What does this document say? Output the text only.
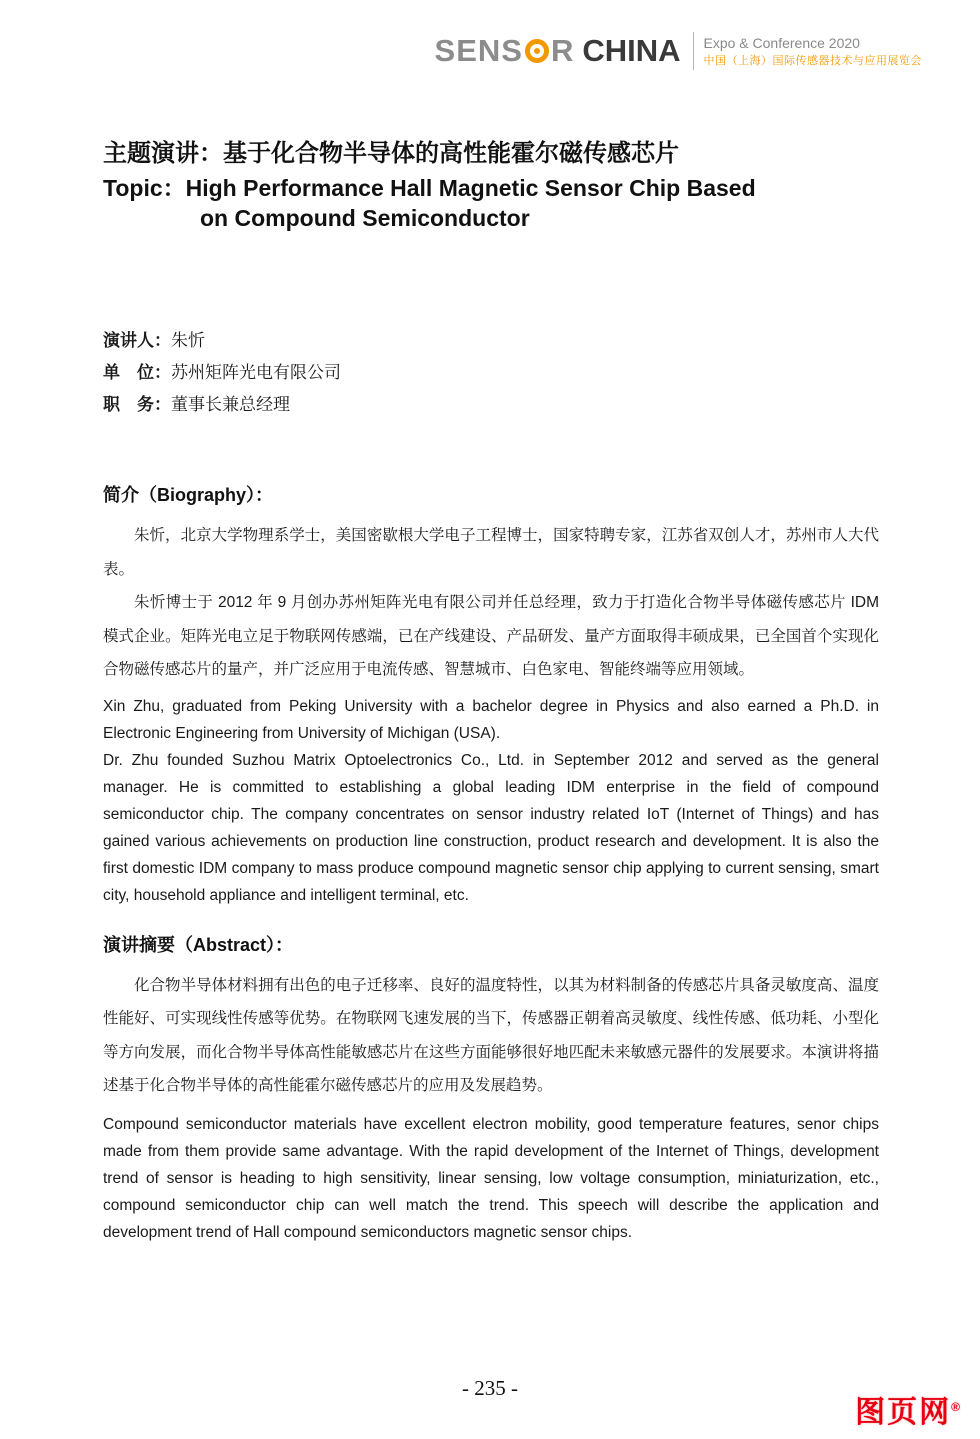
SENS R CHINA Expo & Conference 2020
中国（上海）国际传感器技术与应用展览会
主题演讲：基于化合物半导体的高性能霍尔磁传感芯片
Topic：High Performance Hall Magnetic Sensor Chip Based
on Compound Semiconductor
演讲人：朱忻
单　位：苏州矩阵光电有限公司
职　务：董事长兼总经理
简介（Biography）：

朱忻，北京大学物理系学士，美国密歇根大学电子工程博士，国家特聘专家，江苏省双创人才，苏州市人大代表。

朱忻博士于 2012 年 9 月创办苏州矩阵光电有限公司并任总经理，致力于打造化合物半导体磁传感芯片 IDM 模式企业。矩阵光电立足于物联网传感端，已在产线建设、产品研发、量产方面取得丰硕成果，已全国首个实现化合物磁传感芯片的量产，并广泛应用于电流传感、智慧城市、白色家电、智能终端等应用领域。

Xin Zhu, graduated from Peking University with a bachelor degree in Physics and also earned a Ph.D. in Electronic Engineering from University of Michigan (USA).

Dr. Zhu founded Suzhou Matrix Optoelectronics Co., Ltd. in September 2012 and served as the general manager. He is committed to establishing a global leading IDM enterprise in the field of compound semiconductor chip. The company concentrates on sensor industry related IoT (Internet of Things) and has gained various achievements on production line construction, product research and development. It is also the first domestic IDM company to mass produce compound magnetic sensor chip applying to current sensing, smart city, household appliance and intelligent terminal, etc.

演讲摘要（Abstract）：

化合物半导体材料拥有出色的电子迁移率、良好的温度特性，以其为材料制备的传感芯片具备灵敏度高、温度性能好、可实现线性传感等优势。在物联网飞速发展的当下，传感器正朝着高灵敏度、线性传感、低功耗、小型化等方向发展，而化合物半导体高性能敏感芯片在这些方面能够很好地匹配未来敏感元器件的发展要求。本演讲将描述基于化合物半导体的高性能霍尔磁传感芯片的应用及发展趋势。

Compound semiconductor materials have excellent electron mobility, good temperature features, senor chips made from them provide same advantage. With the rapid development of the Internet of Things, development trend of sensor is heading to high sensitivity, linear sensing, low voltage consumption, miniaturization, etc., compound semiconductor chip can well match the trend. This speech will describe the application and development trend of Hall compound semiconductors magnetic sensor chips.

- 235 -
图页网®
